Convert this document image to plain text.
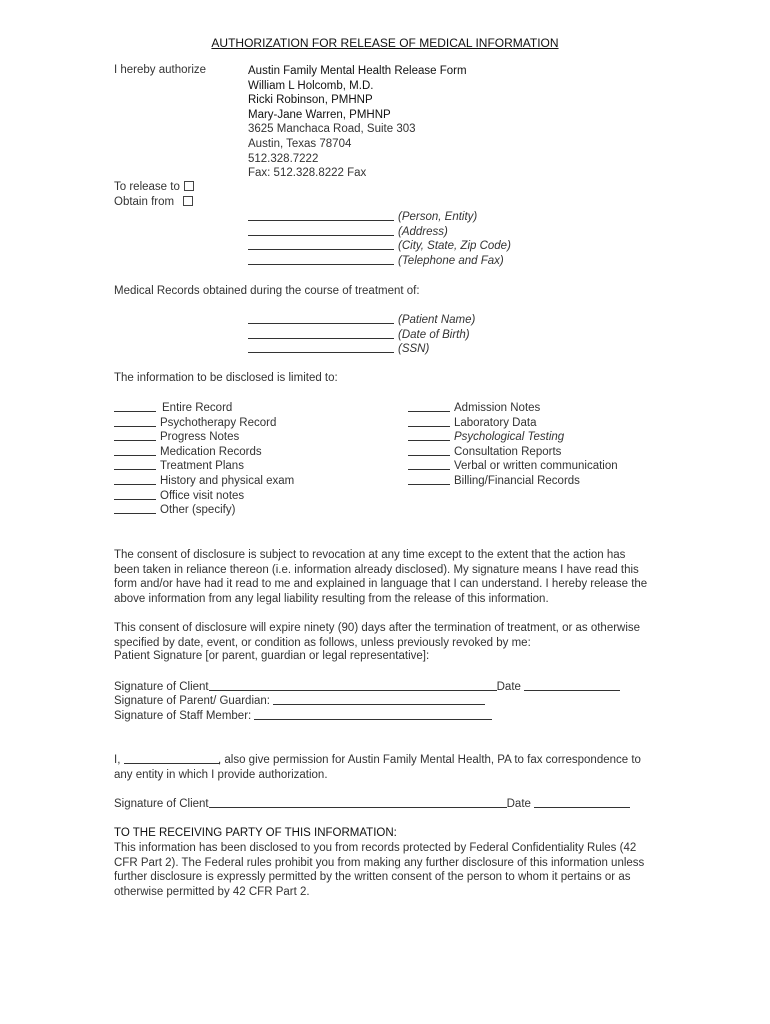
AUTHORIZATION FOR RELEASE OF MEDICAL INFORMATION
I hereby authorize	Austin Family Mental Health Release Form
William L Holcomb, M.D.
Ricki Robinson, PMHNP
Mary-Jane Warren, PMHNP
3625 Manchaca Road, Suite 303
Austin, Texas 78704
512.328.7222
Fax: 512.328.8222 Fax
To release to
Obtain from
(Person, Entity)
(Address)
(City, State, Zip Code)
(Telephone and Fax)
Medical Records obtained during the course of treatment of:
(Patient Name)
(Date of Birth)
(SSN)
The information to be disclosed is limited to:
Entire Record
Psychotherapy Record
Progress Notes
Medication Records
Treatment Plans
History and physical exam
Office visit notes
Other (specify)
Admission Notes
Laboratory Data
Psychological Testing
Consultation Reports
Verbal or written communication
Billing/Financial Records
The consent of disclosure is subject to revocation at any time except to the extent that the action has been taken in reliance thereon (i.e. information already disclosed). My signature means I have read this form and/or have had it read to me and explained in language that I can understand. I hereby release the above information from any legal liability resulting from the release of this information.
This consent of disclosure will expire ninety (90) days after the termination of treatment, or as otherwise specified by date, event, or condition as follows, unless previously revoked by me:
Patient Signature [or parent, guardian or legal representative]:
Signature of Client	Date
Signature of Parent/ Guardian:
Signature of Staff Member:
I,	, also give permission for Austin Family Mental Health, PA to fax correspondence to any entity in which I provide authorization.
Signature of Client	Date
TO THE RECEIVING PARTY OF THIS INFORMATION:
This information has been disclosed to you from records protected by Federal Confidentiality Rules (42 CFR Part 2). The Federal rules prohibit you from making any further disclosure of this information unless further disclosure is expressly permitted by the written consent of the person to whom it pertains or as otherwise permitted by 42 CFR Part 2.
